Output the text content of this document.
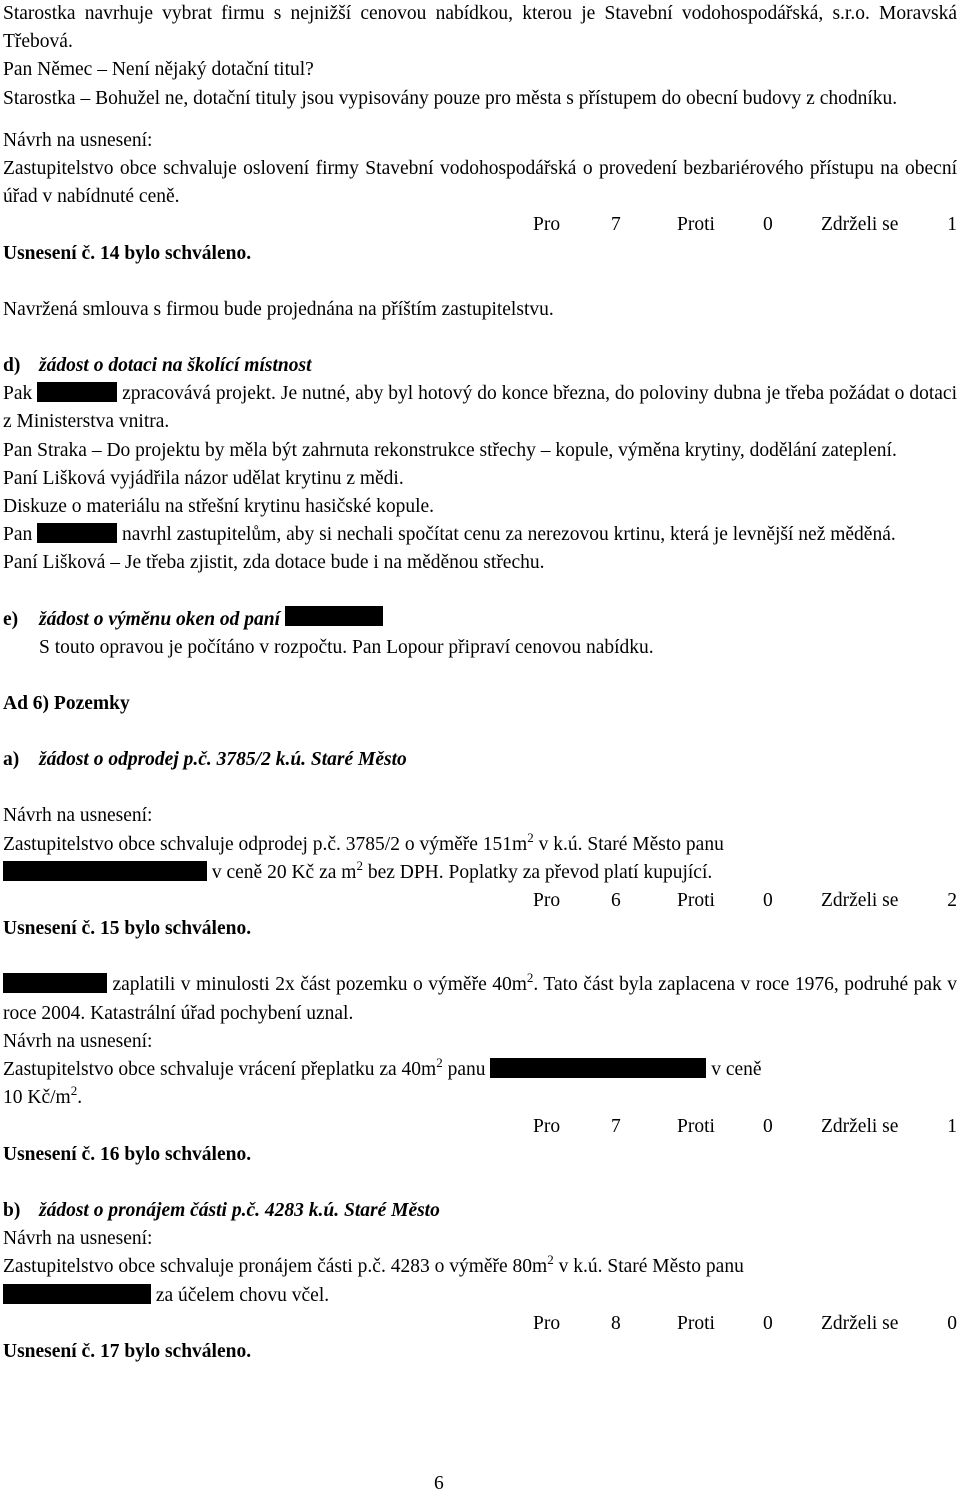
Starostka navrhuje vybrat firmu s nejnižší cenovou nabídkou, kterou je Stavební vodohospodářská, s.r.o. Moravská Třebová.

Pan Němec – Není nějaký dotační titul?

Starostka – Bohužel ne, dotační tituly jsou vypisovány pouze pro města s přístupem do obecní budovy z chodníku.

Návrh na usnesení:

Zastupitelstvo obce schvaluje oslovení firmy Stavební vodohospodářská o provedení bezbariérového přístupu na obecní úřad v nabídnuté ceně.

Pro	7	Proti	0	Zdrželi se	1

Usnesení č. 14 bylo schváleno.

Navržená smlouva s firmou bude projednána na příštím zastupitelstvu.

d) žádost o dotaci na školící místnost

Pak	zpracovává projekt. Je nutné, aby byl hotový do konce března, do poloviny dubna je třeba požádat o dotaci z Ministerstva vnitra.

Pan Straka – Do projektu by měla být zahrnuta rekonstrukce střechy – kopule, výměna krytiny, dodělání zateplení.

Paní Lišková vyjádřila názor udělat krytinu z mědi.

Diskuze o materiálu na střešní krytinu hasičské kopule.

Pan	navrhl zastupitelům, aby si nechali spočítat cenu za nerezovou krtinu, která je levnější než měděná.

Paní Lišková – Je třeba zjistit, zda dotace bude i na měděnou střechu.

e)	žádost o výměnu oken od paní

S touto opravou je počítáno v rozpočtu. Pan Lopour připraví cenovou nabídku.

Ad 6) Pozemky

a)	žádost o odprodej p.č. 3785/2 k.ú. Staré Město

Návrh na usnesení:

Zastupitelstvo obce schvaluje odprodej p.č. 3785/2 o výměře $151m^2$ v k.ú. Staré Město panu

v ceně 20 Kč za $m^2$ bez DPH. Poplatky za převod platí kupující.

Pro	6	Proti	0	Zdrželi se	2

Usnesení č. 15 bylo schváleno.

zaplatili v minulosti 2x část pozemku o výměře $40m^2$. Tato část byla zaplacena v roce 1976, podruhé pak v roce 2004. Katastrální úřad pochybení uznal.

Návrh na usnesení:

Zastupitelstvo obce schvaluje vrácení přeplatku za $40m^2$ panu	v ceně

10 $Kč/m^2$.

Pro	7	Proti	0	Zdrželi se	1

Usnesení č. 16 bylo schváleno.

b) žádost o pronájem části p.č. 4283 k.ú. Staré Město

Návrh na usnesení:

Zastupitelstvo obce schvaluje pronájem části p.č. 4283 o výměře $80m^2$ v k.ú. Staré Město panu

za účelem chovu včel.

Pro	8	Proti	0	Zdrželi se	0

Usnesení č. 17 bylo schváleno.

6
